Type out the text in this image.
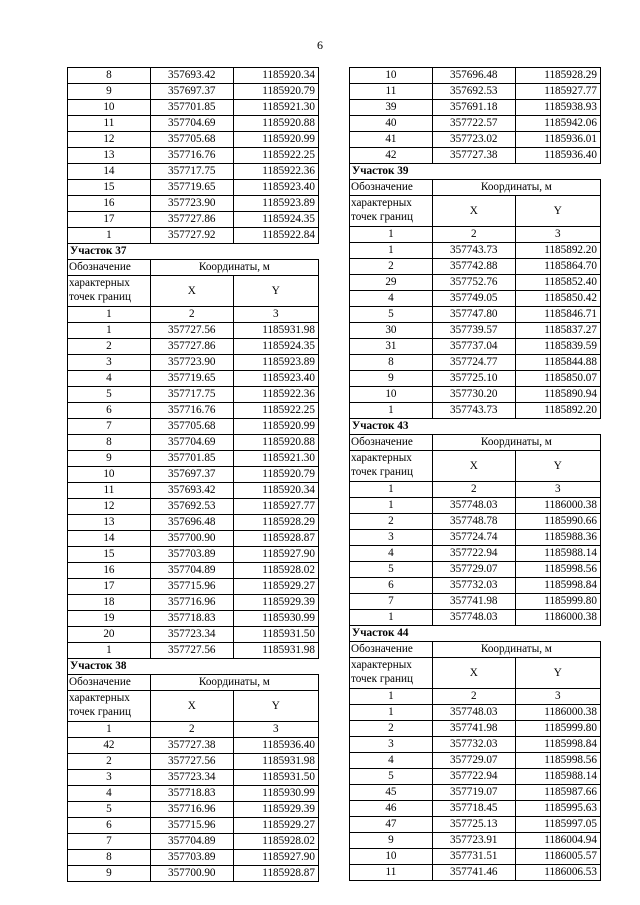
6
8	357693.42	1185920.34
9	357697.37	1185920.79
10	357701.85	1185921.30
11	357704.69	1185920.88
12	357705.68	1185920.99
13	357716.76	1185922.25
14	357717.75	1185922.36
15	357719.65	1185923.40
16	357723.90	1185923.89
17	357727.86	1185924.35
1	357727.92	1185922.84
Участок 37		
Обозначение	Координаты, м	
характерных
точек границ	X	Y
1	2	3
1	357727.56	1185931.98
2	357727.86	1185924.35
3	357723.90	1185923.89
4	357719.65	1185923.40
5	357717.75	1185922.36
6	357716.76	1185922.25
7	357705.68	1185920.99
8	357704.69	1185920.88
9	357701.85	1185921.30
10	357697.37	1185920.79
11	357693.42	1185920.34
12	357692.53	1185927.77
13	357696.48	1185928.29
14	357700.90	1185928.87
15	357703.89	1185927.90
16	357704.89	1185928.02
17	357715.96	1185929.27
18	357716.96	1185929.39
19	357718.83	1185930.99
20	357723.34	1185931.50
1	357727.56	1185931.98
Участок 38		
Обозначение	Координаты, м	
характерных
точек границ	X	Y
1	2	3
42	357727.38	1185936.40
2	357727.56	1185931.98
3	357723.34	1185931.50
4	357718.83	1185930.99
5	357716.96	1185929.39
6	357715.96	1185929.27
7	357704.89	1185928.02
8	357703.89	1185927.90
9	357700.90	1185928.87
10	357696.48	1185928.29
11	357692.53	1185927.77
39	357691.18	1185938.93
40	357722.57	1185942.06
41	357723.02	1185936.01
42	357727.38	1185936.40
Участок 39		
Обозначение	Координаты, м	
характерных
точек границ	X	Y
1	2	3
1	357743.73	1185892.20
2	357742.88	1185864.70
29	357752.76	1185852.40
4	357749.05	1185850.42
5	357747.80	1185846.71
30	357739.57	1185837.27
31	357737.04	1185839.59
8	357724.77	1185844.88
9	357725.10	1185850.07
10	357730.20	1185890.94
1	357743.73	1185892.20
Участок 43		
Обозначение	Координаты, м	
характерных
точек границ	X	Y
1	2	3
1	357748.03	1186000.38
2	357748.78	1185990.66
3	357724.74	1185988.36
4	357722.94	1185988.14
5	357729.07	1185998.56
6	357732.03	1185998.84
7	357741.98	1185999.80
1	357748.03	1186000.38
Участок 44		
Обозначение	Координаты, м	
характерных
точек границ	X	Y
1	2	3
1	357748.03	1186000.38
2	357741.98	1185999.80
3	357732.03	1185998.84
4	357729.07	1185998.56
5	357722.94	1185988.14
45	357719.07	1185987.66
46	357718.45	1185995.63
47	357725.13	1185997.05
9	357723.91	1186004.94
10	357731.51	1186005.57
11	357741.46	1186006.53
